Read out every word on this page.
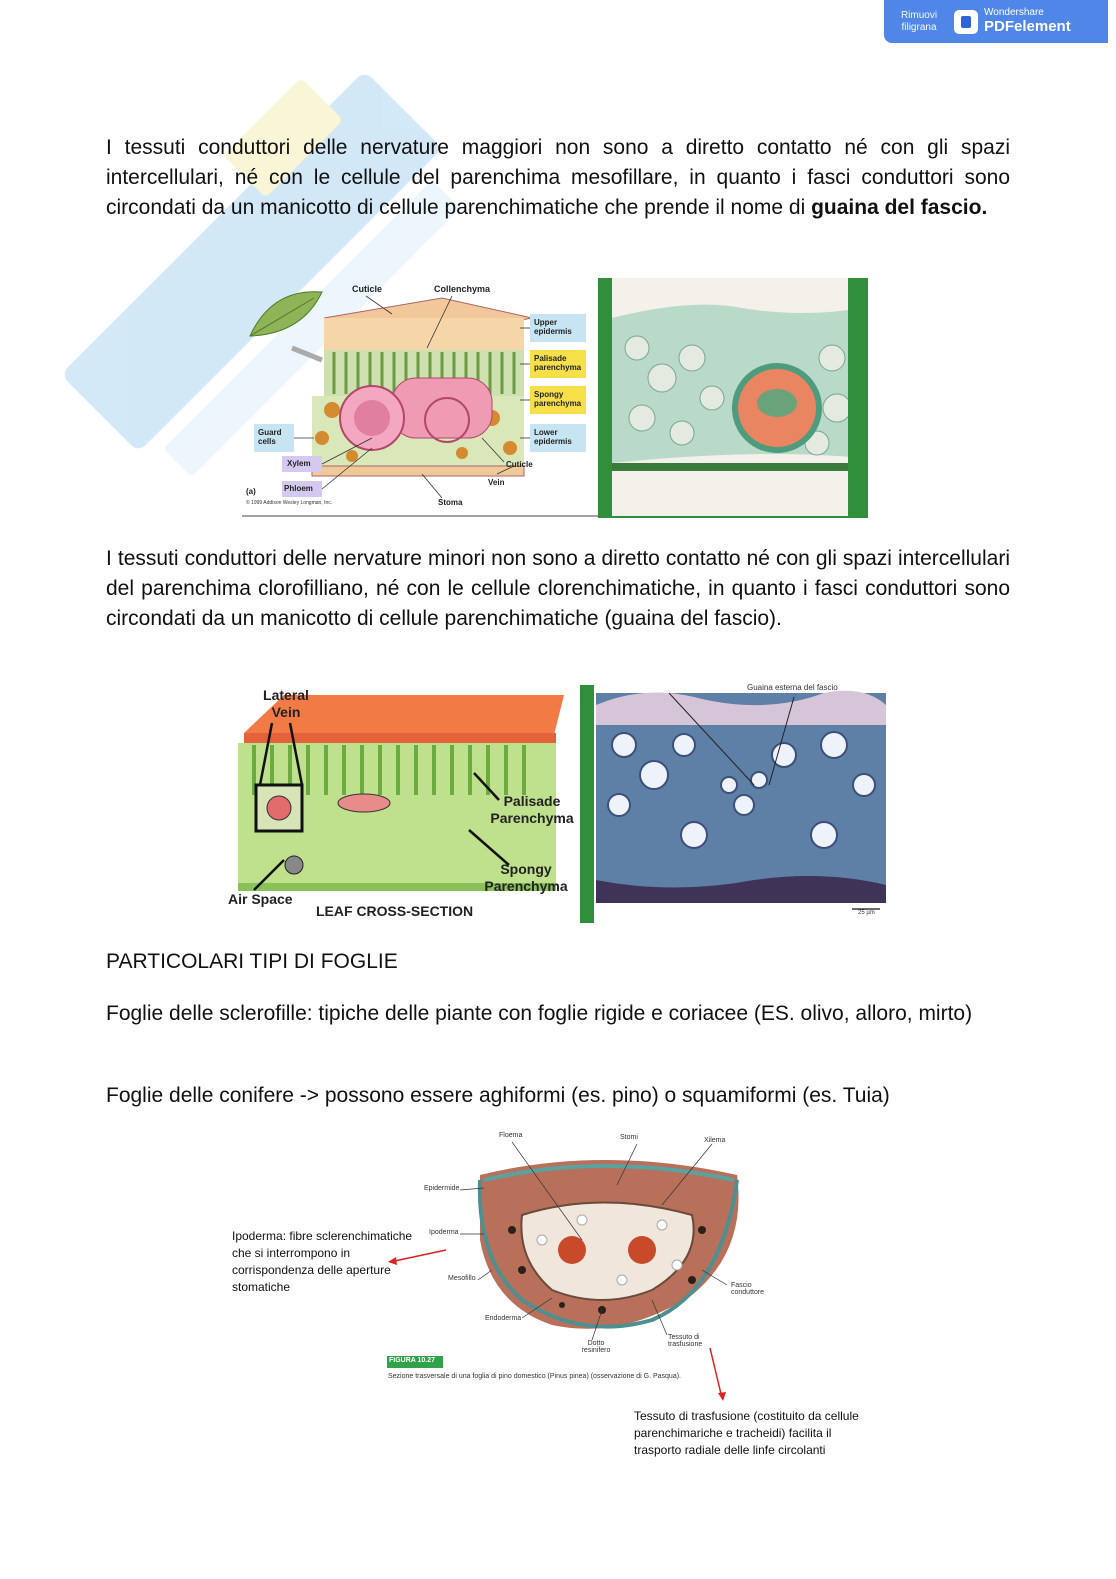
Rimuovi filigrana
Wondershare
PDFelement
I tessuti conduttori delle nervature maggiori non sono a diretto contatto né con gli spazi intercellulari, né con le cellule del parenchima mesofillare, in quanto i fasci conduttori sono circondati da un manicotto di cellule parenchimatiche che prende il nome di guaina del fascio.
Cuticle	Collenchyma
Upper epidermis
Palisade parenchyma
Spongy parenchyma
Lower epidermis
Guard cells
Xylem
Phloem
Stoma
Vein
Cuticle
(a)
© 1999 Addison Wesley Longman, Inc.
I tessuti conduttori delle nervature minori non sono a diretto contatto né con gli spazi intercellulari del parenchima clorofilliano, né con le cellule clorenchimatiche, in quanto i fasci conduttori sono circondati da un manicotto di cellule parenchimatiche (guaina del fascio).
Lateral Vein
Palisade Parenchyma
Spongy Parenchyma
Air Space
LEAF CROSS-SECTION
Guaina esterna del fascio
25 µm
PARTICOLARI TIPI DI FOGLIE
Foglie delle sclerofille: tipiche delle piante con foglie rigide e coriacee (ES. olivo, alloro, mirto)
Foglie delle conifere -> possono essere aghiformi (es. pino) o squamiformi (es. Tuia)
Floema	Stomi	Xilema
Epidermide
Ipoderma
Mesofillo
Fascio conduttore
Endoderma
Dotto resinifero
Tessuto di trasfusione
FIGURA 10.27
Sezione trasversale di una foglia di pino domestico (Pinus pinea) (osservazione di G. Pasqua).
Ipoderma: fibre sclerenchimatiche che si interrompono in corrispondenza delle aperture stomatiche
Tessuto di trasfusione (costituito da cellule parenchimariche e tracheidi) facilita il trasporto radiale delle linfe circolanti
